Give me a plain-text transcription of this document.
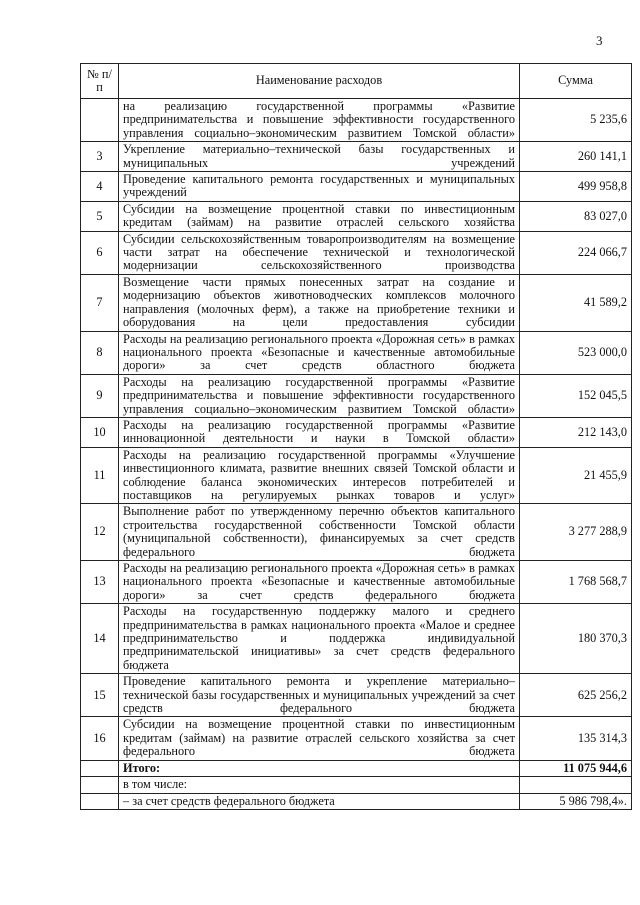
3
№ п/п	Наименование расходов	Сумма
	на реализацию государственной программы «Развитие предпринимательства и повышение эффективности государственного управления социально–экономическим развитием Томской области»	5 235,6
3	Укрепление материально–технической базы государственных и муниципальных учреждений	260 141,1
4	Проведение капитального ремонта государственных и муниципальных учреждений	499 958,8
5	Субсидии на возмещение процентной ставки по инвестиционным кредитам (займам) на развитие отраслей сельского хозяйства	83 027,0
6	Субсидии сельскохозяйственным товаропроизводителям на возмещение части затрат на обеспечение технической и технологической модернизации сельскохозяйственного производства	224 066,7
7	Возмещение части прямых понесенных затрат на создание и модернизацию объектов животноводческих комплексов молочного направления (молочных ферм), а также на приобретение техники и оборудования на цели предоставления субсидии	41 589,2
8	Расходы на реализацию регионального проекта «Дорожная сеть» в рамках национального проекта «Безопасные и качественные автомобильные дороги» за счет средств областного бюджета	523 000,0
9	Расходы на реализацию государственной программы «Развитие предпринимательства и повышение эффективности государственного управления социально–экономическим развитием Томской области»	152 045,5
10	Расходы на реализацию государственной программы «Развитие инновационной деятельности и науки в Томской области»	212 143,0
11	Расходы на реализацию государственной программы «Улучшение инвестиционного климата, развитие внешних связей Томской области и соблюдение баланса экономических интересов потребителей и поставщиков на регулируемых рынках товаров и услуг»	21 455,9
12	Выполнение работ по утвержденному перечню объектов капитального строительства государственной собственности Томской области (муниципальной собственности), финансируемых за счет средств федерального бюджета	3 277 288,9
13	Расходы на реализацию регионального проекта «Дорожная сеть» в рамках национального проекта «Безопасные и качественные автомобильные дороги» за счет средств федерального бюджета	1 768 568,7
14	Расходы на государственную поддержку малого и среднего предпринимательства в рамках национального проекта «Малое и среднее предпринимательство и поддержка индивидуальной предпринимательской инициативы» за счет средств федерального бюджета	180 370,3
15	Проведение капитального ремонта и укрепление материально–технической базы государственных и муниципальных учреждений за счет средств федерального бюджета	625 256,2
16	Субсидии на возмещение процентной ставки по инвестиционным кредитам (займам) на развитие отраслей сельского хозяйства за счет федерального бюджета	135 314,3
	Итого:	11 075 944,6
	в том числе:	
	– за счет средств федерального бюджета	5 986 798,4».
